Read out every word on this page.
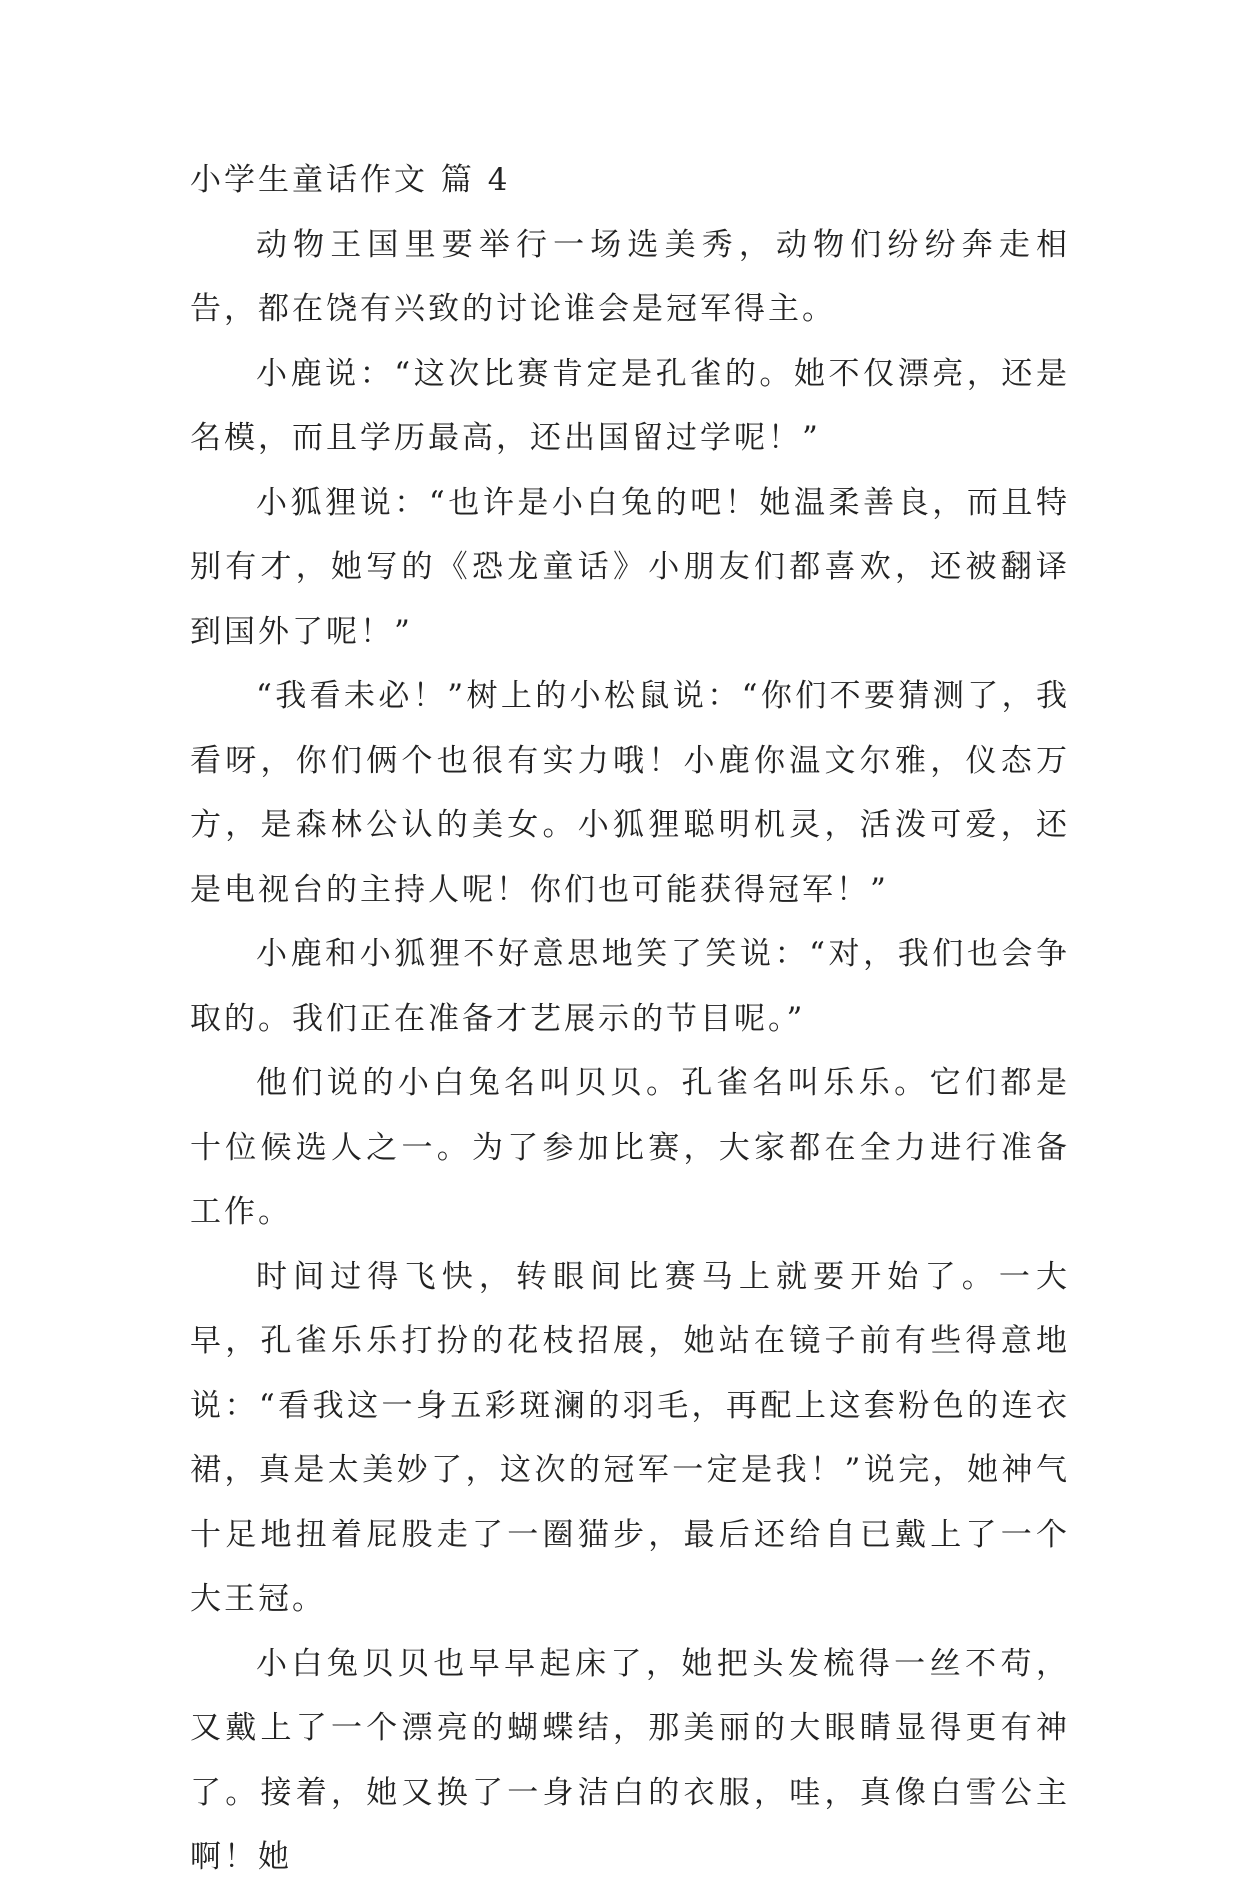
小学生童话作文 篇 4

动物王国里要举行一场选美秀，动物们纷纷奔走相告，都在饶有兴致的讨论谁会是冠军得主。

小鹿说：“这次比赛肯定是孔雀的。她不仅漂亮，还是名模，而且学历最高，还出国留过学呢！”

小狐狸说：“也许是小白兔的吧！她温柔善良，而且特别有才，她写的《恐龙童话》小朋友们都喜欢，还被翻译到国外了呢！”

“我看未必！”树上的小松鼠说：“你们不要猜测了，我看呀，你们俩个也很有实力哦！小鹿你温文尔雅，仪态万方，是森林公认的美女。小狐狸聪明机灵，活泼可爱，还是电视台的主持人呢！你们也可能获得冠军！”

小鹿和小狐狸不好意思地笑了笑说：“对，我们也会争取的。我们正在准备才艺展示的节目呢。”

他们说的小白兔名叫贝贝。孔雀名叫乐乐。它们都是十位候选人之一。为了参加比赛，大家都在全力进行准备工作。

时间过得飞快，转眼间比赛马上就要开始了。一大早，孔雀乐乐打扮的花枝招展，她站在镜子前有些得意地说：“看我这一身五彩斑澜的羽毛，再配上这套粉色的连衣裙，真是太美妙了，这次的冠军一定是我！”说完，她神气十足地扭着屁股走了一圈猫步，最后还给自已戴上了一个大王冠。

小白兔贝贝也早早起床了，她把头发梳得一丝不苟，又戴上了一个漂亮的蝴蝶结，那美丽的大眼睛显得更有神了。接着，她又换了一身洁白的衣服，哇，真像白雪公主啊！她
